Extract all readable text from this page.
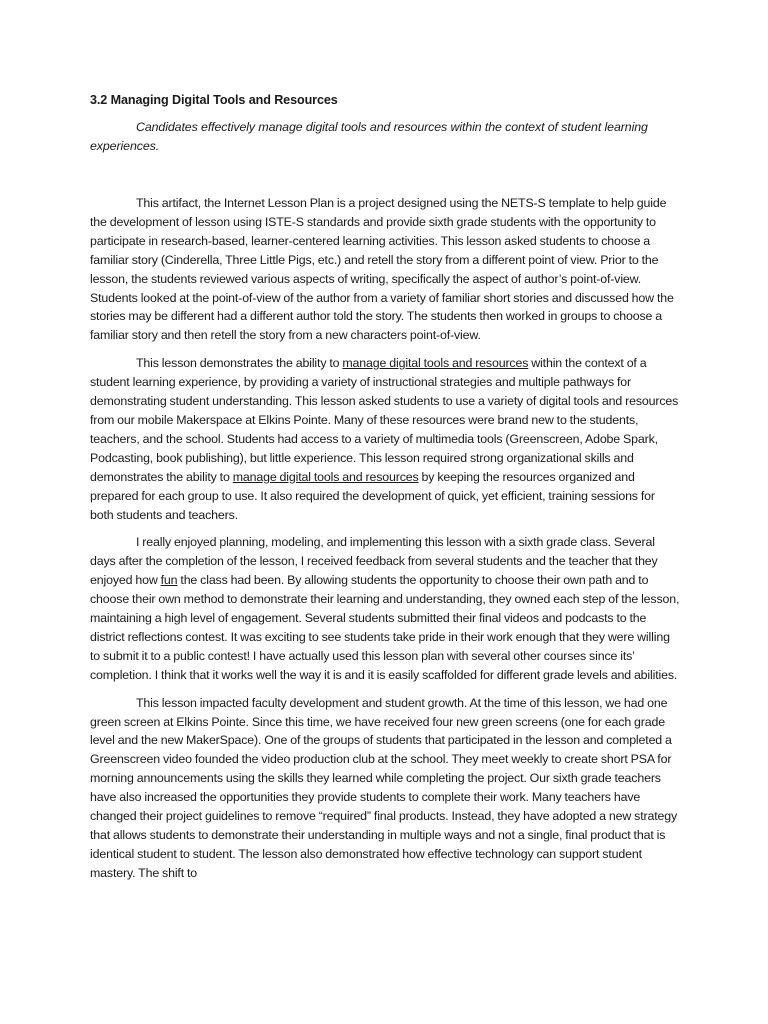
3.2 Managing Digital Tools and Resources

Candidates effectively manage digital tools and resources within the context of student learning experiences.

This artifact, the Internet Lesson Plan is a project designed using the NETS-S template to help guide the development of lesson using ISTE-S standards and provide sixth grade students with the opportunity to participate in research-based, learner-centered learning activities. This lesson asked students to choose a familiar story (Cinderella, Three Little Pigs, etc.) and retell the story from a different point of view. Prior to the lesson, the students reviewed various aspects of writing, specifically the aspect of author’s point-of-view. Students looked at the point-of-view of the author from a variety of familiar short stories and discussed how the stories may be different had a different author told the story. The students then worked in groups to choose a familiar story and then retell the story from a new characters point-of-view.

This lesson demonstrates the ability to manage digital tools and resources within the context of a student learning experience, by providing a variety of instructional strategies and multiple pathways for demonstrating student understanding. This lesson asked students to use a variety of digital tools and resources from our mobile Makerspace at Elkins Pointe. Many of these resources were brand new to the students, teachers, and the school. Students had access to a variety of multimedia tools (Greenscreen, Adobe Spark, Podcasting, book publishing), but little experience. This lesson required strong organizational skills and demonstrates the ability to manage digital tools and resources by keeping the resources organized and prepared for each group to use. It also required the development of quick, yet efficient, training sessions for both students and teachers.

I really enjoyed planning, modeling, and implementing this lesson with a sixth grade class. Several days after the completion of the lesson, I received feedback from several students and the teacher that they enjoyed how fun the class had been. By allowing students the opportunity to choose their own path and to choose their own method to demonstrate their learning and understanding, they owned each step of the lesson, maintaining a high level of engagement. Several students submitted their final videos and podcasts to the district reflections contest. It was exciting to see students take pride in their work enough that they were willing to submit it to a public contest! I have actually used this lesson plan with several other courses since its’ completion. I think that it works well the way it is and it is easily scaffolded for different grade levels and abilities.

This lesson impacted faculty development and student growth. At the time of this lesson, we had one green screen at Elkins Pointe. Since this time, we have received four new green screens (one for each grade level and the new MakerSpace). One of the groups of students that participated in the lesson and completed a Greenscreen video founded the video production club at the school. They meet weekly to create short PSA for morning announcements using the skills they learned while completing the project. Our sixth grade teachers have also increased the opportunities they provide students to complete their work. Many teachers have changed their project guidelines to remove “required” final products. Instead, they have adopted a new strategy that allows students to demonstrate their understanding in multiple ways and not a single, final product that is identical student to student. The lesson also demonstrated how effective technology can support student mastery. The shift to
